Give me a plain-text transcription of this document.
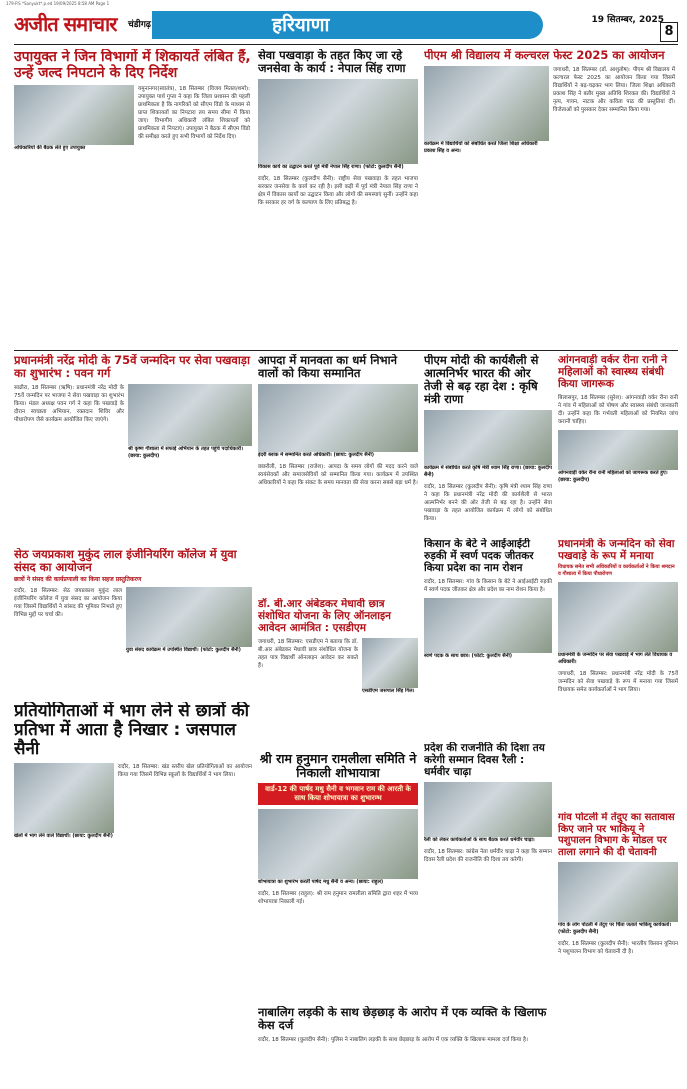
179-P.S *Sanyukt*.p.ed 19/09/2025 8:58 AM Page 1
अजीत समाचार	चंडीगढ़	हरियाणा	19 सितम्बर, 2025
8
उपायुक्त ने जिन विभागों में शिकायतें लंबित हैं, उन्हें जल्द निपटाने के दिए निर्देश
अधिकारियों की बैठक लेते हुए उपायुक्त
यमुनानगर(स्वातंत्र), 18 सितम्बर (विजय मितल/शर्मा): उपायुक्त पार्थ गुप्ता ने कहा कि जिला प्रशासन की पहली प्राथमिकता है कि नागरिकों को सीएम विंडो के माध्यम से प्राप्त शिकायतों का निपटारा तय समय सीमा में किया जाए। विभागीय अधिकारी लंबित शिकायतों को प्राथमिकता से निपटाएं। उपायुक्त ने बैठक में सीएम विंडो की समीक्षा करते हुए सभी विभागों को निर्देश दिए।
सेवा पखवाड़ा के तहत किए जा रहे जनसेवा के कार्य : नेपाल सिंह राणा
विकास कार्य का उद्घाटन करते पूर्व मंत्री नेपाल सिंह राणा। (फोटो: कुलदीप सैनी)
रादौर, 18 सितम्बर (कुलदीप सैनी): राष्ट्रीय सेवा पखवाड़ा के तहत भाजपा सरकार जनसेवा के कार्य कर रही है। इसी कड़ी में पूर्व मंत्री नेपाल सिंह राणा ने क्षेत्र में विकास कार्यों का उद्घाटन किया और लोगों की समस्याएं सुनीं। उन्होंने कहा कि सरकार हर वर्ग के कल्याण के लिए प्रतिबद्ध है।
पीएम श्री विद्यालय में कल्चरल फेस्ट 2025 का आयोजन
कार्यक्रम में विद्यार्थियों को संबोधित करते जिला शिक्षा अधिकारी प्रकाश सिंह व अन्य।
जगाधरी, 18 सितम्बर (डॉ. आशुतोष): पीएम श्री विद्यालय में कल्चरल फेस्ट 2025 का आयोजन किया गया जिसमें विद्यार्थियों ने बढ़-चढ़कर भाग लिया। जिला शिक्षा अधिकारी प्रकाश सिंह ने बतौर मुख्य अतिथि शिरकत की। विद्यार्थियों ने नृत्य, गायन, नाटक और कविता पाठ की प्रस्तुतियां दीं। विजेताओं को पुरस्कार देकर सम्मानित किया गया।
प्रधानमंत्री नरेंद्र मोदी के 75वें जन्मदिन पर सेवा पखवाड़ा का शुभारंभ : पवन गर्ग
साढौरा, 18 सितम्बर (ऋषि): प्रधानमंत्री नरेंद्र मोदी के 75वें जन्मदिन पर भाजपा ने सेवा पखवाड़ा का शुभारंभ किया। मंडल अध्यक्ष पवन गर्ग ने कहा कि पखवाड़े के दौरान स्वच्छता अभियान, रक्तदान शिविर और पौधारोपण जैसे कार्यक्रम आयोजित किए जाएंगे।
श्री कृष्ण गौशाला में सफाई अभियान के तहत पहुंचे पदाधिकारी। (छाया: कुलदीप)
आपदा में मानवता का धर्म निभाने वालों को किया सम्मानित
इंदरी ब्लाक में सम्मानित करते अधिकारी। (छाया: कुलदीप सैनी)
छछरौली, 18 सितम्बर (राजेश): आपदा के समय लोगों की मदद करने वाले स्वयंसेवकों और समाजसेवियों को सम्मानित किया गया। कार्यक्रम में उपस्थित अधिकारियों ने कहा कि संकट के समय मानवता की सेवा करना सबसे बड़ा धर्म है।
पीएम मोदी की कार्यशैली से आत्मनिर्भर भारत की ओर तेजी से बढ़ रहा देश : कृषि मंत्री राणा
कार्यक्रम में संबोधित करते कृषि मंत्री श्याम सिंह राणा। (छाया: कुलदीप सैनी)
रादौर, 18 सितम्बर (कुलदीप सैनी): कृषि मंत्री श्याम सिंह राणा ने कहा कि प्रधानमंत्री नरेंद्र मोदी की कार्यशैली से भारत आत्मनिर्भर बनने की ओर तेजी से बढ़ रहा है। उन्होंने सेवा पखवाड़ा के तहत आयोजित कार्यक्रम में लोगों को संबोधित किया।
आंगनवाड़ी वर्कर रीना रानी ने महिलाओं को स्वास्थ्य संबंधी किया जागरूक
बिलासपुर, 18 सितम्बर (सुरेश): आंगनवाड़ी वर्कर रीना रानी ने गांव में महिलाओं को पोषण और स्वास्थ्य संबंधी जानकारी दी। उन्होंने कहा कि गर्भवती महिलाओं को नियमित जांच करानी चाहिए।
आंगनवाड़ी वर्कर रीना रानी महिलाओं को जागरूक करते हुए। (छाया: कुलदीप)
सेठ जयप्रकाश मुकुंद लाल इंजीनियरिंग कॉलेज में युवा संसद का आयोजन
छात्रों ने संसद की कार्यप्रणाली का किया सहज प्रस्तुतिकरण
रादौर, 18 सितम्बर: सेठ जयप्रकाश मुकुंद लाल इंजीनियरिंग कॉलेज में युवा संसद का आयोजन किया गया जिसमें विद्यार्थियों ने सांसद की भूमिका निभाते हुए विभिन्न मुद्दों पर चर्चा की।
युवा संसद कार्यक्रम में उपस्थित विद्यार्थी। (फोटो: कुलदीप सैनी)
डॉ. बी.आर अंबेडकर मेधावी छात्र संशोधित योजना के लिए ऑनलाइन आवेदन आमंत्रित : एसडीएम
जगाधरी, 18 सितम्बर: एसडीएम ने बताया कि डॉ. बी.आर अंबेडकर मेधावी छात्र संशोधित योजना के तहत पात्र विद्यार्थी ऑनलाइन आवेदन कर सकते हैं।
एसडीएम जसपाल सिंह गिल।
किसान के बेटे ने आईआईटी रुड़की में स्वर्ण पदक जीतकर किया प्रदेश का नाम रोशन
रादौर, 18 सितम्बर: गांव के किसान के बेटे ने आईआईटी रुड़की में स्वर्ण पदक जीतकर क्षेत्र और प्रदेश का नाम रोशन किया है।
स्वर्ण पदक के साथ छात्र। (फोटो: कुलदीप सैनी)
प्रधानमंत्री के जन्मदिन को सेवा पखवाड़े के रूप में मनाया
विधायक समेत सभी अधिकारियों व कार्यकर्ताओं ने किया श्रमदान व गौशाला में किया पौधारोपण
प्रधानमंत्री के जन्मदिन पर सेवा पखवाड़े में भाग लेते विधायक व अधिकारी।
जगाधरी, 18 सितम्बर: प्रधानमंत्री नरेंद्र मोदी के 75वें जन्मदिन को सेवा पखवाड़े के रूप में मनाया गया जिसमें विधायक समेत कार्यकर्ताओं ने भाग लिया।
श्री राम हनुमान रामलीला समिति ने निकाली शोभायात्रा
वार्ड-12 की पार्षद मधु सैनी व भगवान राम की आरती के साथ किया शोभायात्रा का शुभारम्भ
शोभायात्रा का शुभारंभ करतीं पार्षद मधु सैनी व अन्य। (छाया: राहुल)
रादौर, 18 सितम्बर (राहुल): श्री राम हनुमान रामलीला समिति द्वारा शहर में भव्य शोभायात्रा निकाली गई।
प्रदेश की राजनीति की दिशा तय करेगी सम्मान दिवस रैली : धर्मवीर चाढ़ा
रैली को लेकर कार्यकर्ताओं के साथ बैठक करते धर्मवीर चाढ़ा।
रादौर, 18 सितम्बर: कांग्रेस नेता धर्मवीर चाढ़ा ने कहा कि सम्मान दिवस रैली प्रदेश की राजनीति की दिशा तय करेगी।
प्रतियोगिताओं में भाग लेने से छात्रों की प्रतिभा में आता है निखार : जसपाल सैनी
खेलों में भाग लेने वाले विद्यार्थी। (छाया: कुलदीप सैनी)
रादौर, 18 सितम्बर: खंड स्तरीय खेल प्रतियोगिताओं का आयोजन किया गया जिसमें विभिन्न स्कूलों के विद्यार्थियों ने भाग लिया।
नाबालिग लड़की के साथ छेड़छाड़ के आरोप में एक व्यक्ति के खिलाफ केस दर्ज
रादौर, 18 सितम्बर (कुलदीप सैनी): पुलिस ने नाबालिग लड़की के साथ छेड़छाड़ के आरोप में एक व्यक्ति के खिलाफ मामला दर्ज किया है।
गांव पोटली में तेंदुए का सतावास किए जाने पर भाकियू ने पशुपालन विभाग के मोडल पर ताला लगाने की दी चेतावनी
गांव के लोग पोटली में तेंदुए पर चिंता जताते भाकियू कार्यकर्ता। (फोटो: कुलदीप सैनी)
रादौर, 18 सितम्बर (कुलदीप सैनी): भारतीय किसान यूनियन ने पशुपालन विभाग को चेतावनी दी है।
